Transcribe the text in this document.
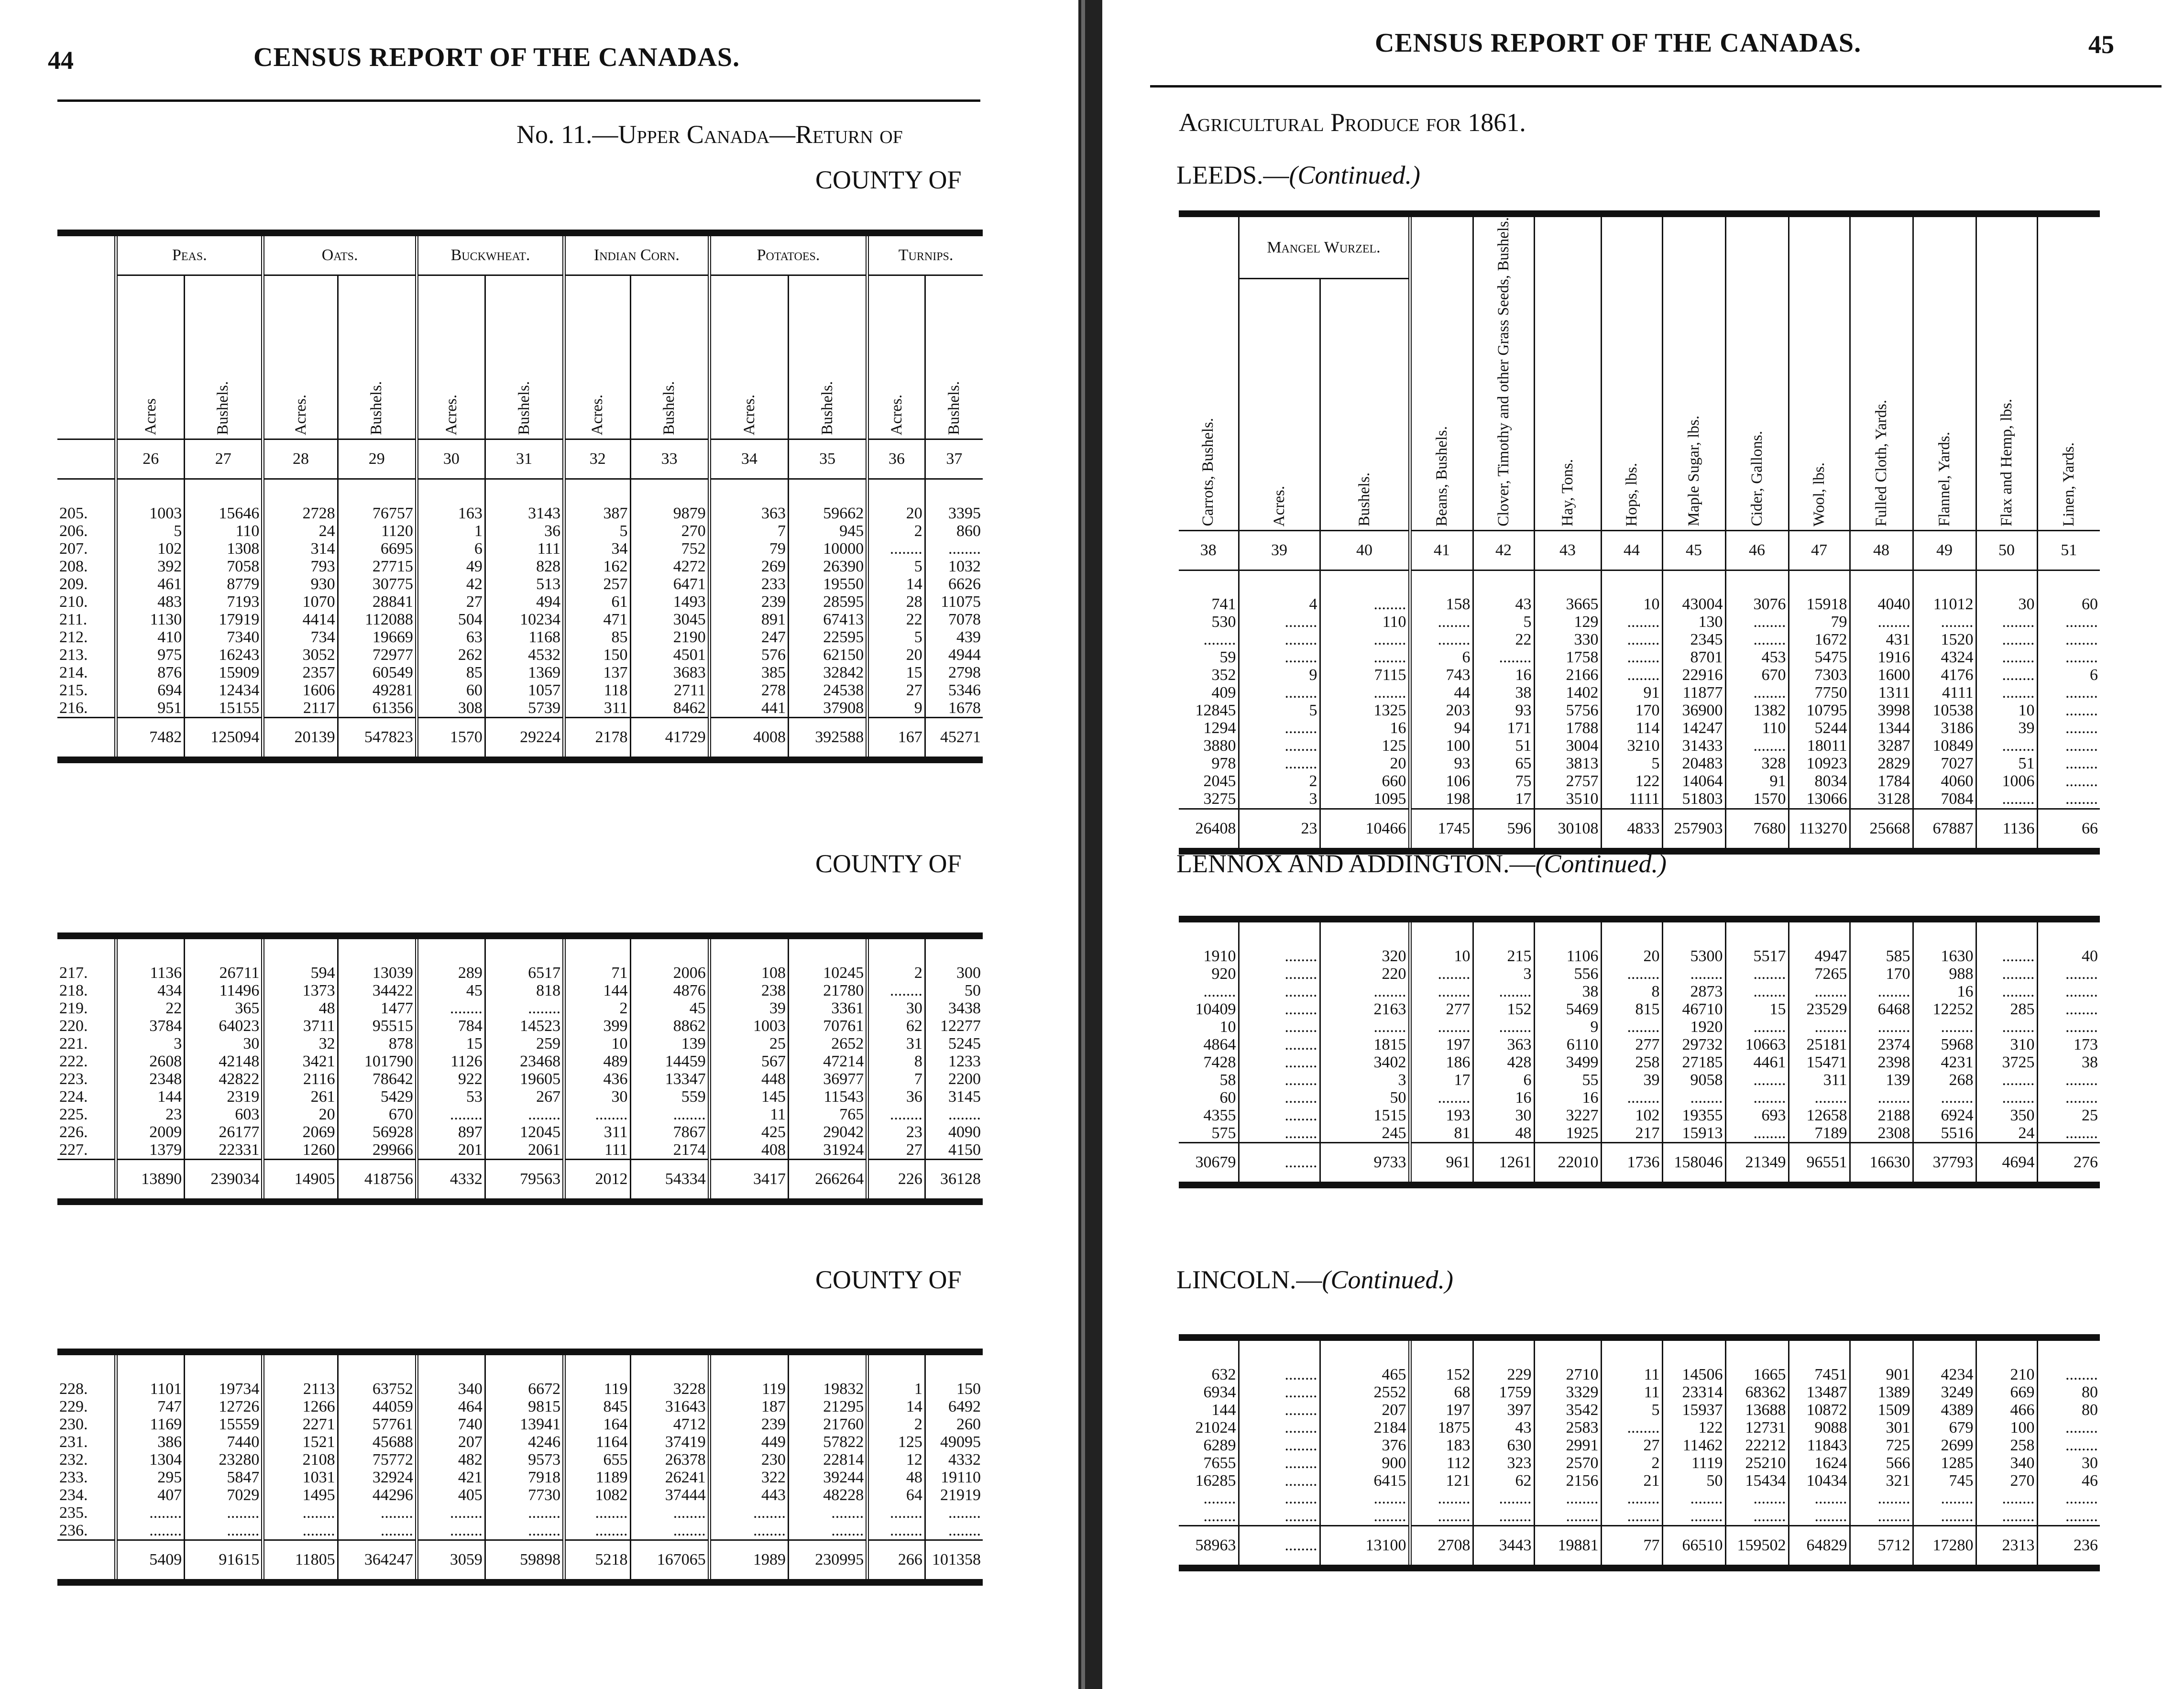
44	CENSUS REPORT OF THE CANADAS.
No. 11.—Upper Canada—Return of
COUNTY OF
	Peas.		Oats.		Buckwheat.		Indian Corn.		Potatoes.		Turnips.	
	Acres	Bushels.	Acres.	Bushels.	Acres.	Bushels.	Acres.	Bushels.	Acres.	Bushels.	Acres.	Bushels.
	26	27	28	29	30	31	32	33	34	35	36	37
205.	1003	15646	2728	76757	163	3143	387	9879	363	59662	20	3395
206.	5	110	24	1120	1	36	5	270	7	945	2	860
207.	102	1308	314	6695	6	111	34	752	79	10000	........	........
208.	392	7058	793	27715	49	828	162	4272	269	26390	5	1032
209.	461	8779	930	30775	42	513	257	6471	233	19550	14	6626
210.	483	7193	1070	28841	27	494	61	1493	239	28595	28	11075
211.	1130	17919	4414	112088	504	10234	471	3045	891	67413	22	7078
212.	410	7340	734	19669	63	1168	85	2190	247	22595	5	439
213.	975	16243	3052	72977	262	4532	150	4501	576	62150	20	4944
214.	876	15909	2357	60549	85	1369	137	3683	385	32842	15	2798
215.	694	12434	1606	49281	60	1057	118	2711	278	24538	27	5346
216.	951	15155	2117	61356	308	5739	311	8462	441	37908	9	1678
	7482	125094	20139	547823	1570	29224	2178	41729	4008	392588	167	45271
COUNTY OF
217.	1136	26711	594	13039	289	6517	71	2006	108	10245	2	300
218.	434	11496	1373	34422	45	818	144	4876	238	21780	........	50
219.	22	365	48	1477	........	........	2	45	39	3361	30	3438
220.	3784	64023	3711	95515	784	14523	399	8862	1003	70761	62	12277
221.	3	30	32	878	15	259	10	139	25	2652	31	5245
222.	2608	42148	3421	101790	1126	23468	489	14459	567	47214	8	1233
223.	2348	42822	2116	78642	922	19605	436	13347	448	36977	7	2200
224.	144	2319	261	5429	53	267	30	559	145	11543	36	3145
225.	23	603	20	670	........	........	........	........	11	765	........	........
226.	2009	26177	2069	56928	897	12045	311	7867	425	29042	23	4090
227.	1379	22331	1260	29966	201	2061	111	2174	408	31924	27	4150
	13890	239034	14905	418756	4332	79563	2012	54334	3417	266264	226	36128
COUNTY OF
228.	1101	19734	2113	63752	340	6672	119	3228	119	19832	1	150
229.	747	12726	1266	44059	464	9815	845	31643	187	21295	14	6492
230.	1169	15559	2271	57761	740	13941	164	4712	239	21760	2	260
231.	386	7440	1521	45688	207	4246	1164	37419	449	57822	125	49095
232.	1304	23280	2108	75772	482	9573	655	26378	230	22814	12	4332
233.	295	5847	1031	32924	421	7918	1189	26241	322	39244	48	19110
234.	407	7029	1495	44296	405	7730	1082	37444	443	48228	64	21919
235.	........	........	........	........	........	........	........	........	........	........	........	........
236.	........	........	........	........	........	........	........	........	........	........	........	........
	5409	91615	11805	364247	3059	59898	5218	167065	1989	230995	266	101358
CENSUS REPORT OF THE CANADAS.	45
Agricultural Produce for 1861.
LEEDS.—(Continued.)
Carrots, Bushels.	Mangel Wurzel.		Beans, Bushels.	Clover, Timothy and other Grass Seeds, Bushels.	Hay, Tons.	Hops, lbs.	Maple Sugar, lbs.	Cider, Gallons.	Wool, lbs.	Fulled Cloth, Yards.	Flannel, Yards.	Flax and Hemp, lbs.	Linen, Yards.
	Acres.	Bushels.											
38	39	40	41	42	43	44	45	46	47	48	49	50	51
741	4	........	158	43	3665	10	43004	3076	15918	4040	11012	30	60
530	........	110	........	5	129	........	130	........	79	........	........	........	........
........	........	........	........	22	330	........	2345	........	1672	431	1520	........	........
59	........	........	6	........	1758	........	8701	453	5475	1916	4324	........	........
352	9	7115	743	16	2166	........	22916	670	7303	1600	4176	........	6
409	........	........	44	38	1402	91	11877	........	7750	1311	4111	........	........
12845	5	1325	203	93	5756	170	36900	1382	10795	3998	10538	10	........
1294	........	16	94	171	1788	114	14247	110	5244	1344	3186	39	........
3880	........	125	100	51	3004	3210	31433	........	18011	3287	10849	........	........
978	........	20	93	65	3813	5	20483	328	10923	2829	7027	51	........
2045	2	660	106	75	2757	122	14064	91	8034	1784	4060	1006	........
3275	3	1095	198	17	3510	1111	51803	1570	13066	3128	7084	........	........
26408	23	10466	1745	596	30108	4833	257903	7680	113270	25668	67887	1136	66
LENNOX AND ADDINGTON.—(Continued.)
1910	........	320	10	215	1106	20	5300	5517	4947	585	1630	........	40
920	........	220	........	3	556	........	........	........	7265	170	988	........	........
........	........	........	........	........	38	8	2873	........	........	........	16	........	........
10409	........	2163	277	152	5469	815	46710	15	23529	6468	12252	285	........
10	........	........	........	........	9	........	1920	........	........	........	........	........	........
4864	........	1815	197	363	6110	277	29732	10663	25181	2374	5968	310	173
7428	........	3402	186	428	3499	258	27185	4461	15471	2398	4231	3725	38
58	........	3	17	6	55	39	9058	........	311	139	268	........	........
60	........	50	........	16	16	........	........	........	........	........	........	........	........
4355	........	1515	193	30	3227	102	19355	693	12658	2188	6924	350	25
575	........	245	81	48	1925	217	15913	........	7189	2308	5516	24	........
30679	........	9733	961	1261	22010	1736	158046	21349	96551	16630	37793	4694	276
LINCOLN.—(Continued.)
632	........	465	152	229	2710	11	14506	1665	7451	901	4234	210	........
6934	........	2552	68	1759	3329	11	23314	68362	13487	1389	3249	669	80
144	........	207	197	397	3542	5	15937	13688	10872	1509	4389	466	80
21024	........	2184	1875	43	2583	........	122	12731	9088	301	679	100	........
6289	........	376	183	630	2991	27	11462	22212	11843	725	2699	258	........
7655	........	900	112	323	2570	2	1119	25210	1624	566	1285	340	30
16285	........	6415	121	62	2156	21	50	15434	10434	321	745	270	46
........	........	........	........	........	........	........	........	........	........	........	........	........	........
........	........	........	........	........	........	........	........	........	........	........	........	........	........
58963	........	13100	2708	3443	19881	77	66510	159502	64829	5712	17280	2313	236
